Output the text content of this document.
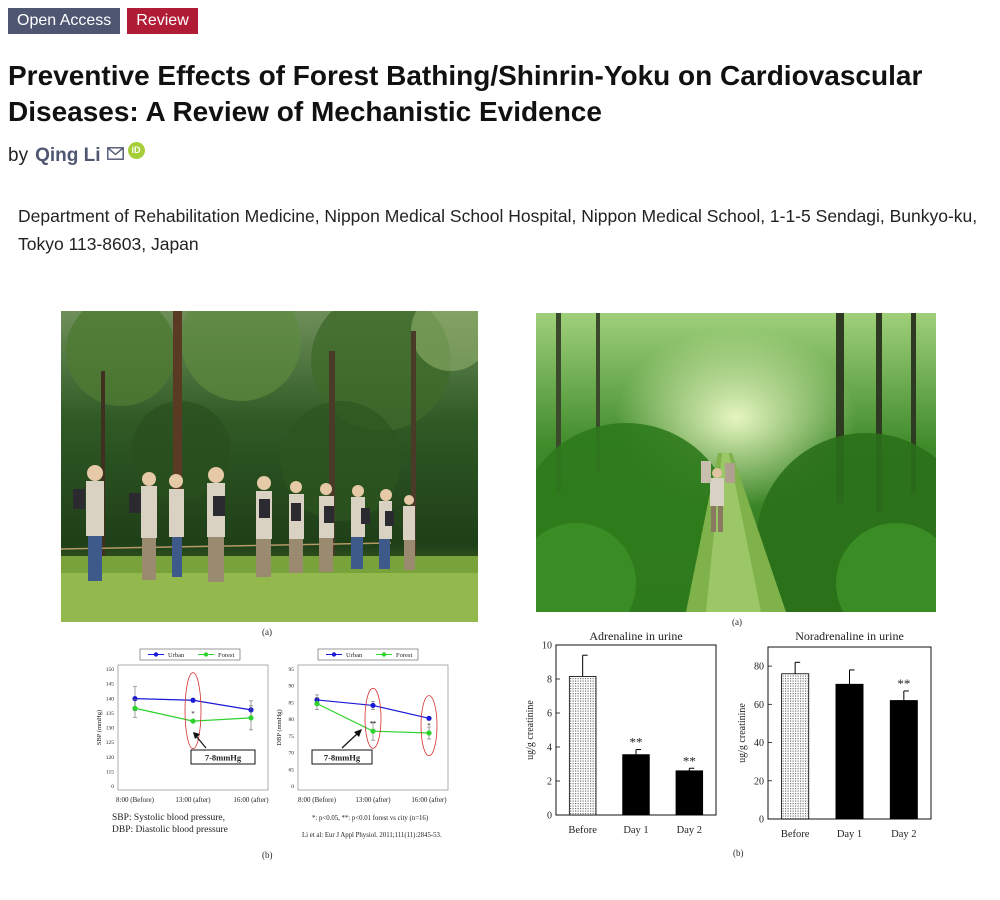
Open Access	Review
Preventive Effects of Forest Bathing/Shinrin-Yoku on Cardiovascular Diseases: A Review of Mechanistic Evidence
by Qing Li	iD

Department of Rehabilitation Medicine, Nippon Medical School Hospital, Nippon Medical School, 1-1-5 Sendagi, Bunkyo-ku, Tokyo 113-8603, Japan

(a)
(a)
Urban	Forest
150
145
140
135
130
125
120
115
0
SBP (mmHg)
8:00 (Before)	13:00 (after)	16:00 (after)
*
7-8mmHg
Urban	Forest
95
90
85
80
75
70
65
0
DBP (mmHg)
8:00 (Before)	13:00 (after)	16:00 (after)
**	*
7-8mmHg
SBP: Systolic blood pressure,
DBP: Diastolic blood pressure
*: p<0.05, **: p<0.01 forest vs city (n=16)
Li et al: Eur J Appl Physiol. 2011;111(11):2845-53.
(b)
Adrenaline in urine
0
2
4
6
8
10
ug/g creatinine
Before
**
Day 1
**
Day 2
Noradrenaline in urine
0
20
40
60
80
ug/g creatinine
Before	Day 1
**
Day 2
(b)
